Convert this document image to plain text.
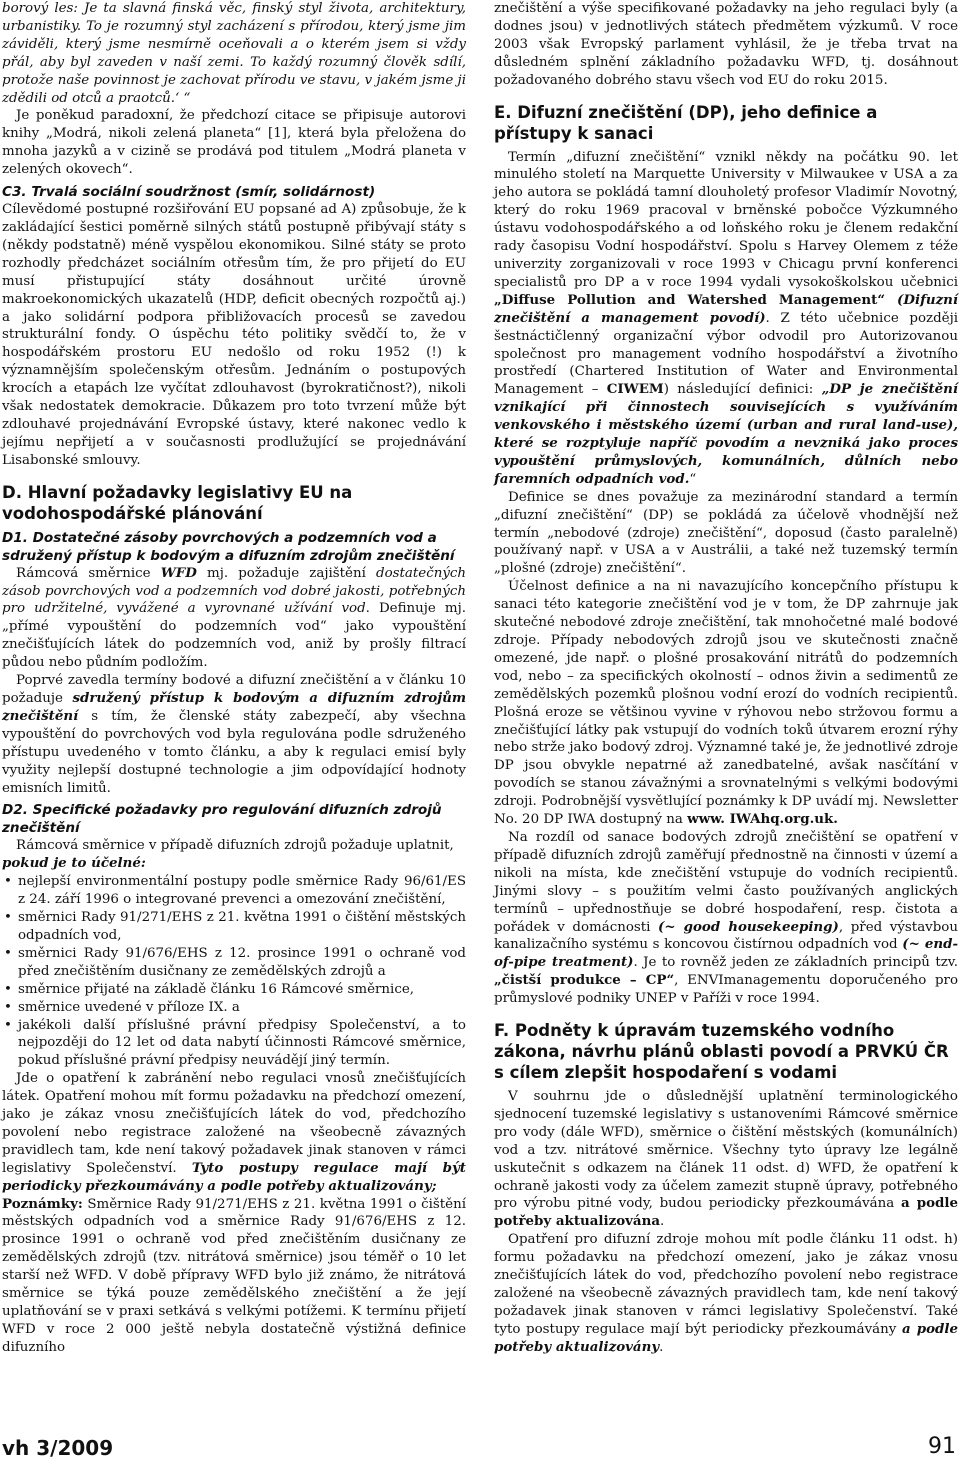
borový les: Je ta slavná finská věc, finský styl života, architektury, urbanistiky. To je rozumný styl zacházení s přírodou, který jsme jim záviděli, který jsme nesmírně oceňovali a o kterém jsem si vždy přál, aby byl zaveden v naší zemi. To každý rozumný člověk sdílí, protože naše povinnost je zachovat přírodu ve stavu, v jakém jsme ji zdědili od otců a praotců.‘ “

Je poněkud paradoxní, že předchozí citace se připisuje autorovi knihy „Modrá, nikoli zelená planeta“ [1], která byla přeložena do mnoha jazyků a v cizině se prodává pod titulem „Modrá planeta v zelených okovech“.

C3. Trvalá sociální soudržnost (smír, solidárnost)

Cílevědomé postupné rozšiřování EU popsané ad A) způsobuje, že k zakládající šestici poměrně silných států postupně přibývají státy s (někdy podstatně) méně vyspělou ekonomikou. Silné státy se proto rozhodly předcházet sociálním otřesům tím, že pro přijetí do EU musí přistupující státy dosáhnout určité úrovně makroekonomických ukazatelů (HDP, deficit obecných rozpočtů aj.) a jako solidární podpora přibližovacích procesů se zavedou strukturální fondy. O úspěchu této politiky svědčí to, že v hospodářském prostoru EU nedošlo od roku 1952 (!) k významnějším společenským otřesům. Jednáním o postupových krocích a etapách lze vyčítat zdlouhavost (byrokratičnost?), nikoli však nedostatek demokracie. Důkazem pro toto tvrzení může být zdlouhavé projednávání Evropské ústavy, které nakonec vedlo k jejímu nepřijetí a v současnosti prodlužující se projednávání Lisabonské smlouvy.

D. Hlavní požadavky legislativy EU na vodohospodářské plánování
D1. Dostatečné zásoby povrchových a podzemních vod a sdružený přístup k bodovým a difuzním zdrojům znečištění

Rámcová směrnice WFD mj. požaduje zajištění dostatečných zásob povrchových vod a podzemních vod dobré jakosti, potřebných pro udržitelné, vyvážené a vyrovnané užívání vod. Definuje mj. „přímé vypouštění do podzemních vod“ jako vypouštění znečišťujících látek do podzemních vod, aniž by prošly filtrací půdou nebo půdním podložím.

Poprvé zavedla termíny bodové a difuzní znečištění a v článku 10 požaduje sdružený přístup k bodovým a difuzním zdrojům znečištění s tím, že členské státy zabezpečí, aby všechna vypouštění do povrchových vod byla regulována podle sdruženého přístupu uvedeného v tomto článku, a aby k regulaci emisí byly využity nejlepší dostupné technologie a jim odpovídající hodnoty emisních limitů.

D2. Specifické požadavky pro regulování difuzních zdrojů znečištění

Rámcová směrnice v případě difuzních zdrojů požaduje uplatnit,

pokud je to účelné:

• nejlepší environmentální postupy podle směrnice Rady 96/61/ES z 24. září 1996 o integrované prevenci a omezování znečištění,
• směrnici Rady 91/271/EHS z 21. května 1991 o čištění městských odpadních vod,
• směrnici Rady 91/676/EHS z 12. prosince 1991 o ochraně vod před znečištěním dusičnany ze zemědělských zdrojů a
• směrnice přijaté na základě článku 16 Rámcové směrnice,
• směrnice uvedené v příloze IX. a
• jakékoli další příslušné právní předpisy Společenství, a to nejpozději do 12 let od data nabytí účinnosti Rámcové směrnice, pokud příslušné právní předpisy neuvádějí jiný termín.

Jde o opatření k zabránění nebo regulaci vnosů znečišťujících látek. Opatření mohou mít formu požadavku na předchozí omezení, jako je zákaz vnosu znečišťujících látek do vod, předchozího povolení nebo registrace založené na všeobecně závazných pravidlech tam, kde není takový požadavek jinak stanoven v rámci legislativy Společenství. Tyto postupy regulace mají být periodicky přezkoumávány a podle potřeby aktualizovány;

Poznámky: Směrnice Rady 91/271/EHS z 21. května 1991 o čištění městských odpadních vod a směrnice Rady 91/676/EHS z 12. prosince 1991 o ochraně vod před znečištěním dusičnany ze zemědělských zdrojů (tzv. nitrátová směrnice) jsou téměř o 10 let starší než WFD. V době přípravy WFD bylo již známo, že nitrátová směrnice se týká pouze zemědělského znečištění a že její uplatňování se v praxi setkává s velkými potížemi. K termínu přijetí WFD v roce 2 000 ještě nebyla dostatečně výstižná definice difuzního

znečištění a výše specifikované požadavky na jeho regulaci byly (a dodnes jsou) v jednotlivých státech předmětem výzkumů. V roce 2003 však Evropský parlament vyhlásil, že je třeba trvat na důsledném splnění základního požadavku WFD, tj. dosáhnout požadovaného dobrého stavu všech vod EU do roku 2015.

E. Difuzní znečištění (DP), jeho definice a přístupy k sanaci

Termín „difuzní znečištění“ vznikl někdy na počátku 90. let minulého století na Marquette University v Milwaukee v USA a za jeho autora se pokládá tamní dlouholetý profesor Vladimír Novotný, který do roku 1969 pracoval v brněnské pobočce Výzkumného ústavu vodohospodářského a od loňského roku je členem redakční rady časopisu Vodní hospodářství. Spolu s Harvey Olemem z téže univerzity zorganizovali v roce 1993 v Chicagu první konferenci specialistů pro DP a v roce 1994 vydali vysokoškolskou učebnici „Diffuse Pollution and Watershed Management“ (Difuzní znečištění a management povodí). Z této učebnice později šestnáctičlenný organizační výbor odvodil pro Autorizovanou společnost pro management vodního hospodářství a životního prostředí (Chartered Institution of Water and Environmental Management – CIWEM) následující definici: „DP je znečištění vznikající při činnostech souvisejících s využíváním venkovského i městského území (urban and rural land-use), které se rozptyluje napříč povodím a nevzniká jako proces vypouštění průmyslových, komunálních, důlních nebo faremních odpadních vod.“

Definice se dnes považuje za mezinárodní standard a termín „difuzní znečištění“ (DP) se pokládá za účelově vhodnější než termín „nebodové (zdroje) znečištění“, doposud (často paralelně) používaný např. v USA a v Austrálii, a také než tuzemský termín „plošné (zdroje) znečištění“.

Účelnost definice a na ni navazujícího koncepčního přístupu k sanaci této kategorie znečištění vod je v tom, že DP zahrnuje jak skutečné nebodové zdroje znečištění, tak mnohočetné malé bodové zdroje. Případy nebodových zdrojů jsou ve skutečnosti značně omezené, jde např. o plošné prosakování nitrátů do podzemních vod, nebo – za specifických okolností – odnos živin a sedimentů ze zemědělských pozemků plošnou vodní erozí do vodních recipientů. Plošná eroze se většinou vyvine v rýhovou nebo stržovou formu a znečišťující látky pak vstupují do vodních toků útvarem erozní rýhy nebo strže jako bodový zdroj. Významné také je, že jednotlivé zdroje DP jsou obvykle nepatrné až zanedbatelné, avšak nasčítání v povodích se stanou závažnými a srovnatelnými s velkými bodovými zdroji. Podrobnější vysvětlující poznámky k DP uvádí mj. Newsletter No. 20 DP IWA dostupný na www. IWAhq.org.uk.

Na rozdíl od sanace bodových zdrojů znečištění se opatření v případě difuzních zdrojů zaměřují přednostně na činnosti v území a nikoli na místa, kde znečištění vstupuje do vodních recipientů. Jinými slovy – s použitím velmi často používaných anglických termínů – upřednostňuje se dobré hospodaření, resp. čistota a pořádek v domácnosti (~ good housekeeping), před výstavbou kanalizačního systému s koncovou čistírnou odpadních vod (~ end-of-pipe treatment). Je to rovněž jeden ze základních principů tzv. „čistší produkce – CP“, ENVImanagementu doporučeného pro průmyslové podniky UNEP v Paříži v roce 1994.

F. Podněty k úpravám tuzemského vodního zákona, návrhu plánů oblasti povodí a PRVKÚ ČR s cílem zlepšit hospodaření s vodami

V souhrnu jde o důslednější uplatnění terminologického sjednocení tuzemské legislativy s ustanoveními Rámcové směrnice pro vody (dále WFD), směrnice o čištění městských (komunálních) vod a tzv. nitrátové směrnice. Všechny tyto úpravy lze legálně uskutečnit s odkazem na článek 11 odst. d) WFD, že opatření k ochraně jakosti vody za účelem zamezit stupně úpravy, potřebného pro výrobu pitné vody, budou periodicky přezkoumávána a podle potřeby aktualizována.

Opatření pro difuzní zdroje mohou mít podle článku 11 odst. h) formu požadavku na předchozí omezení, jako je zákaz vnosu znečišťujících látek do vod, předchozího povolení nebo registrace založené na všeobecně závazných pravidlech tam, kde není takový požadavek jinak stanoven v rámci legislativy Společenství. Také tyto postupy regulace mají být periodicky přezkoumávány a podle potřeby aktualizovány.

vh 3/2009	91
